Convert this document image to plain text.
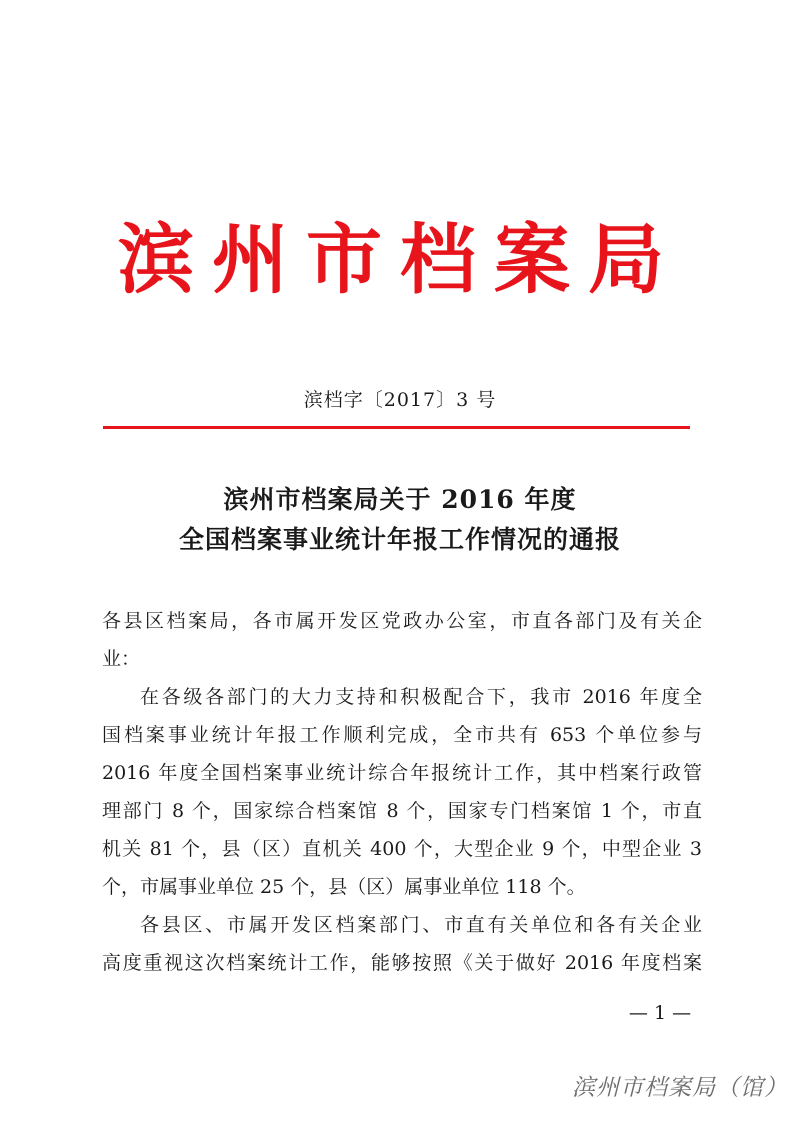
滨州市档案局
滨档字〔2017〕3 号
滨州市档案局关于 2016 年度
全国档案事业统计年报工作情况的通报
各县区档案局，各市属开发区党政办公室，市直各部门及有关企
业：
在各级各部门的大力支持和积极配合下，我市 2016 年度全
国档案事业统计年报工作顺利完成，全市共有 653 个单位参与
2016 年度全国档案事业统计综合年报统计工作，其中档案行政管
理部门 8 个，国家综合档案馆 8 个，国家专门档案馆 1 个，市直
机关 81 个，县（区）直机关 400 个，大型企业 9 个，中型企业 3
个，市属事业单位 25 个，县（区）属事业单位 118 个。
各县区、市属开发区档案部门、市直有关单位和各有关企业
高度重视这次档案统计工作，能够按照《关于做好 2016 年度档案
— 1 —
滨州市档案局（馆）
